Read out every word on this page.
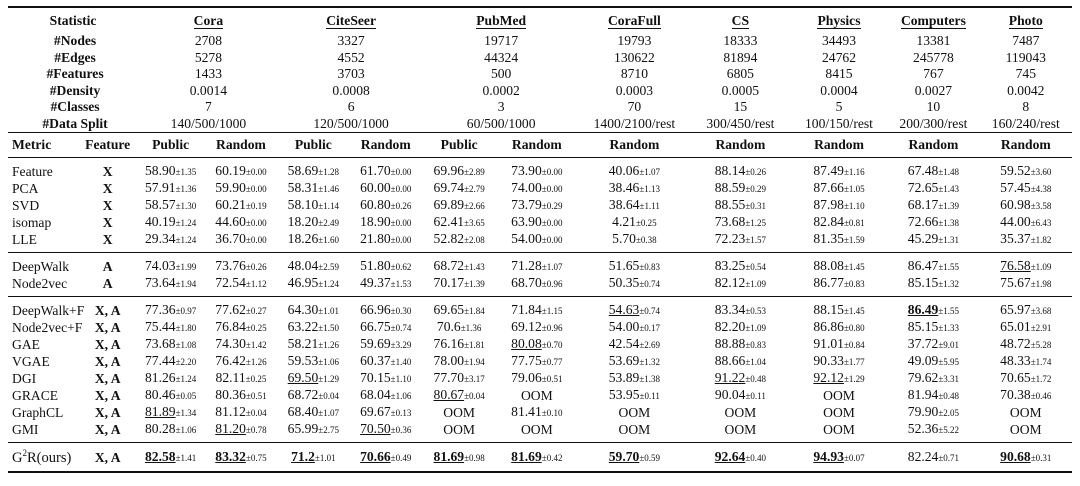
Statistic		Cora		CiteSeer		PubMed		CoraFull	CS	Physics	Computers	Photo
#Nodes		2708		3327		19717		19793	18333	34493	13381	7487
#Edges		5278		4552		44324		130622	81894	24762	245778	119043
#Features		1433		3703		500		8710	6805	8415	767	745
#Density		0.0014		0.0008		0.0002		0.0003	0.0005	0.0004	0.0027	0.0042
#Classes		7		6		3		70	15	5	10	8
#Data Split		140/500/1000		120/500/1000		60/500/1000		1400/2100/rest	300/450/rest	100/150/rest	200/300/rest	160/240/rest
Metric	Feature	Public	Random	Public	Random	Public	Random	Random	Random	Random	Random	Random
Feature	X	58.90±1.35	60.19±0.00	58.69±1.28	61.70±0.00	69.96±2.89	73.90±0.00	40.06±1.07	88.14±0.26	87.49±1.16	67.48±1.48	59.52±3.60
PCA	X	57.91±1.36	59.90±0.00	58.31±1.46	60.00±0.00	69.74±2.79	74.00±0.00	38.46±1.13	88.59±0.29	87.66±1.05	72.65±1.43	57.45±4.38
SVD	X	58.57±1.30	60.21±0.19	58.10±1.14	60.80±0.26	69.89±2.66	73.79±0.29	38.64±1.11	88.55±0.31	87.98±1.10	68.17±1.39	60.98±3.58
isomap	X	40.19±1.24	44.60±0.00	18.20±2.49	18.90±0.00	62.41±3.65	63.90±0.00	4.21±0.25	73.68±1.25	82.84±0.81	72.66±1.38	44.00±6.43
LLE	X	29.34±1.24	36.70±0.00	18.26±1.60	21.80±0.00	52.82±2.08	54.00±0.00	5.70±0.38	72.23±1.57	81.35±1.59	45.29±1.31	35.37±1.82
DeepWalk	A	74.03±1.99	73.76±0.26	48.04±2.59	51.80±0.62	68.72±1.43	71.28±1.07	51.65±0.83	83.25±0.54	88.08±1.45	86.47±1.55	76.58±1.09
Node2vec	A	73.64±1.94	72.54±1.12	46.95±1.24	49.37±1.53	70.17±1.39	68.70±0.96	50.35±0.74	82.12±1.09	86.77±0.83	85.15±1.32	75.67±1.98
DeepWalk+F	X, A	77.36±0.97	77.62±0.27	64.30±1.01	66.96±0.30	69.65±1.84	71.84±1.15	54.63±0.74	83.34±0.53	88.15±1.45	86.49±1.55	65.97±3.68
Node2vec+F	X, A	75.44±1.80	76.84±0.25	63.22±1.50	66.75±0.74	70.6±1.36	69.12±0.96	54.00±0.17	82.20±1.09	86.86±0.80	85.15±1.33	65.01±2.91
GAE	X, A	73.68±1.08	74.30±1.42	58.21±1.26	59.69±3.29	76.16±1.81	80.08±0.70	42.54±2.69	88.88±0.83	91.01±0.84	37.72±9.01	48.72±5.28
VGAE	X, A	77.44±2.20	76.42±1.26	59.53±1.06	60.37±1.40	78.00±1.94	77.75±0.77	53.69±1.32	88.66±1.04	90.33±1.77	49.09±5.95	48.33±1.74
DGI	X, A	81.26±1.24	82.11±0.25	69.50±1.29	70.15±1.10	77.70±3.17	79.06±0.51	53.89±1.38	91.22±0.48	92.12±1.29	79.62±3.31	70.65±1.72
GRACE	X, A	80.46±0.05	80.36±0.51	68.72±0.04	68.04±1.06	80.67±0.04	OOM	53.95±0.11	90.04±0.11	OOM	81.94±0.48	70.38±0.46
GraphCL	X, A	81.89±1.34	81.12±0.04	68.40±1.07	69.67±0.13	OOM	81.41±0.10	OOM	OOM	OOM	79.90±2.05	OOM
GMI	X, A	80.28±1.06	81.20±0.78	65.99±2.75	70.50±0.36	OOM	OOM	OOM	OOM	OOM	52.36±5.22	OOM
$G^2R(ours)$	X, A	82.58±1.41	83.32±0.75	71.2±1.01	70.66±0.49	81.69±0.98	81.69±0.42	59.70±0.59	92.64±0.40	94.93±0.07	82.24±0.71	90.68±0.31
